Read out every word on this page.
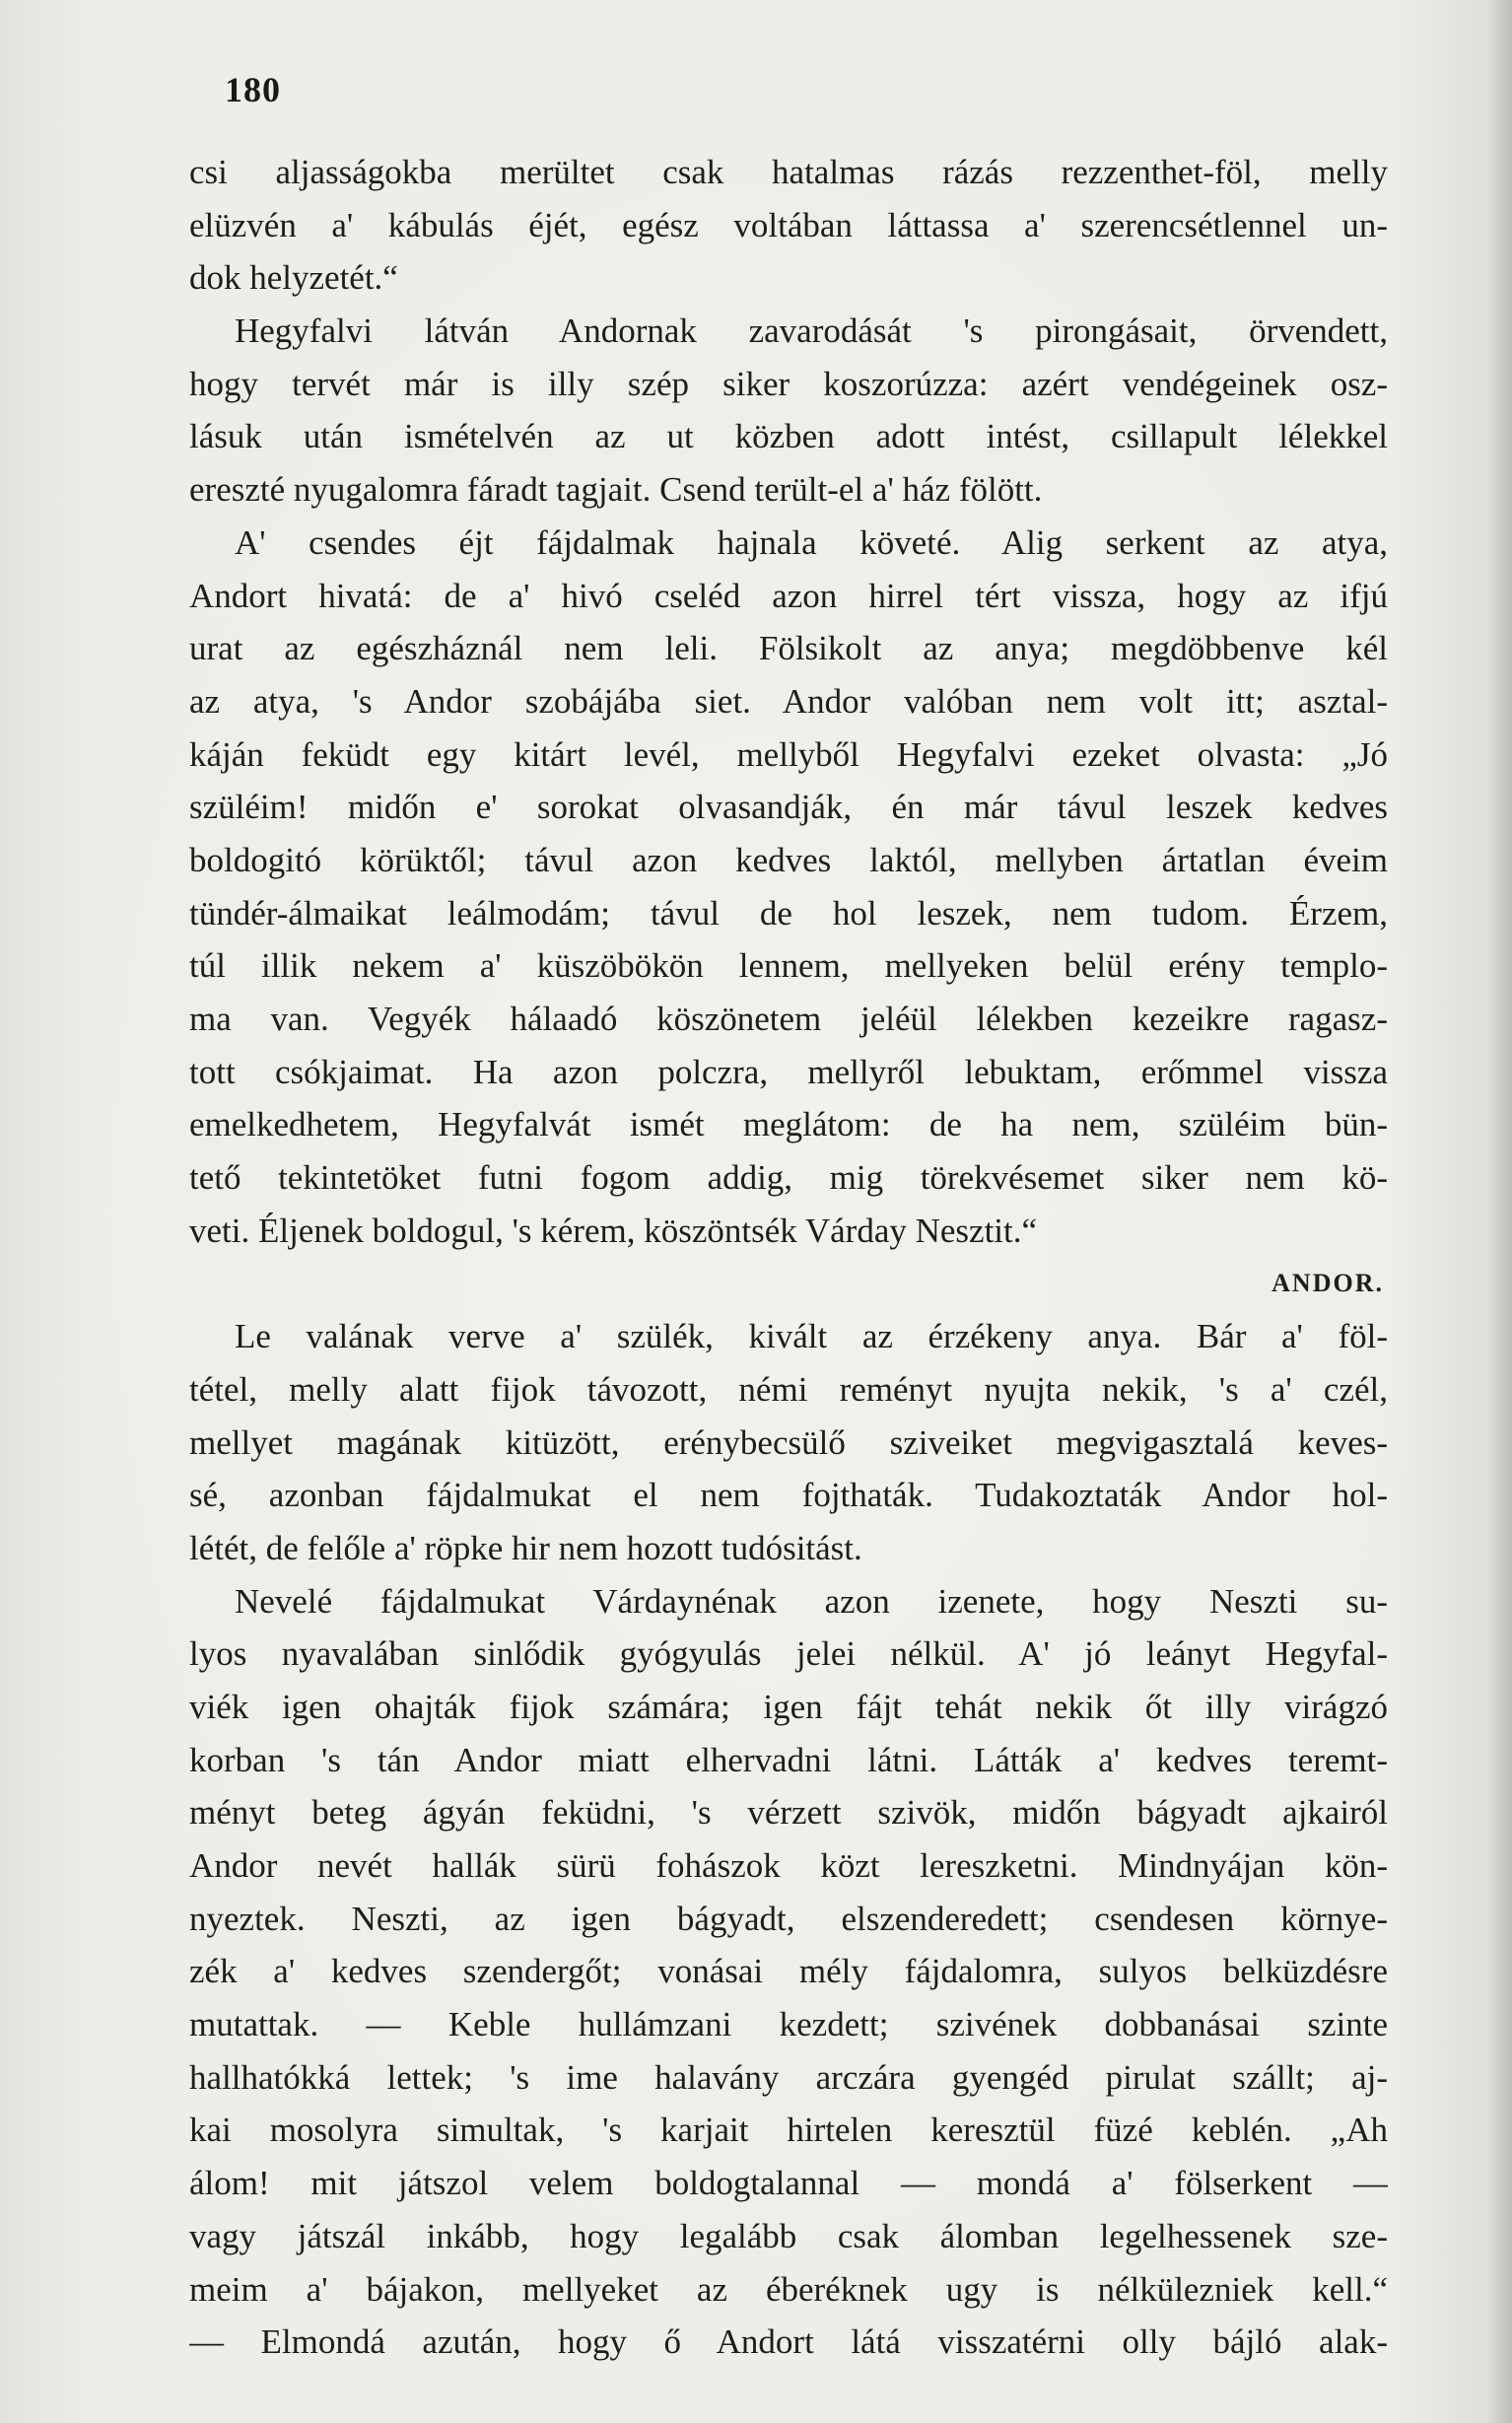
180
csi aljasságokba merültet csak hatalmas rázás rezzenthet-föl, melly
elüzvén a' kábulás éjét, egész voltában láttassa a' szerencsétlennel un-
dok helyzetét.“
Hegyfalvi látván Andornak zavarodását 's pirongásait, örvendett,
hogy tervét már is illy szép siker koszorúzza: azért vendégeinek osz-
lásuk után ismételvén az ut közben adott intést, csillapult lélekkel
ereszté nyugalomra fáradt tagjait. Csend terült-el a' ház fölött.
A' csendes éjt fájdalmak hajnala követé. Alig serkent az atya,
Andort hivatá: de a' hivó cseléd azon hirrel tért vissza, hogy az ifjú
urat az egészháznál nem leli. Fölsikolt az anya; megdöbbenve kél
az atya, 's Andor szobájába siet. Andor valóban nem volt itt; asztal-
káján feküdt egy kitárt levél, mellyből Hegyfalvi ezeket olvasta: „Jó
szüléim! midőn e' sorokat olvasandják, én már távul leszek kedves
boldogitó körüktől; távul azon kedves laktól, mellyben ártatlan éveim
tündér-álmaikat leálmodám; távul de hol leszek, nem tudom. Érzem,
túl illik nekem a' küszöbökön lennem, mellyeken belül erény templo-
ma van. Vegyék hálaadó köszönetem jeléül lélekben kezeikre ragasz-
tott csókjaimat. Ha azon polczra, mellyről lebuktam, erőmmel vissza
emelkedhetem, Hegyfalvát ismét meglátom: de ha nem, szüléim bün-
tető tekintetöket futni fogom addig, mig törekvésemet siker nem kö-
veti. Éljenek boldogul, 's kérem, köszöntsék Várday Nesztit.“
ANDOR.
Le valának verve a' szülék, kivált az érzékeny anya. Bár a' föl-
tétel, melly alatt fijok távozott, némi reményt nyujta nekik, 's a' czél,
mellyet magának kitüzött, erénybecsülő sziveiket megvigasztalá keves-
sé, azonban fájdalmukat el nem fojthaták. Tudakoztaták Andor hol-
létét, de felőle a' röpke hir nem hozott tudósitást.
Nevelé fájdalmukat Várdaynénak azon izenete, hogy Neszti su-
lyos nyavalában sinlődik gyógyulás jelei nélkül. A' jó leányt Hegyfal-
viék igen ohajták fijok számára; igen fájt tehát nekik őt illy virágzó
korban 's tán Andor miatt elhervadni látni. Látták a' kedves teremt-
ményt beteg ágyán feküdni, 's vérzett szivök, midőn bágyadt ajkairól
Andor nevét hallák sürü fohászok közt lereszketni. Mindnyájan kön-
nyeztek. Neszti, az igen bágyadt, elszenderedett; csendesen környe-
zék a' kedves szendergőt; vonásai mély fájdalomra, sulyos belküzdésre
mutattak. — Keble hullámzani kezdett; szivének dobbanásai szinte
hallhatókká lettek; 's ime halavány arczára gyengéd pirulat szállt; aj-
kai mosolyra simultak, 's karjait hirtelen keresztül füzé keblén. „Ah
álom! mit játszol velem boldogtalannal — mondá a' fölserkent —
vagy játszál inkább, hogy legalább csak álomban legelhessenek sze-
meim a' bájakon, mellyeket az éberéknek ugy is nélkülezniek kell.“
— Elmondá azután, hogy ő Andort látá visszatérni olly bájló alak-
